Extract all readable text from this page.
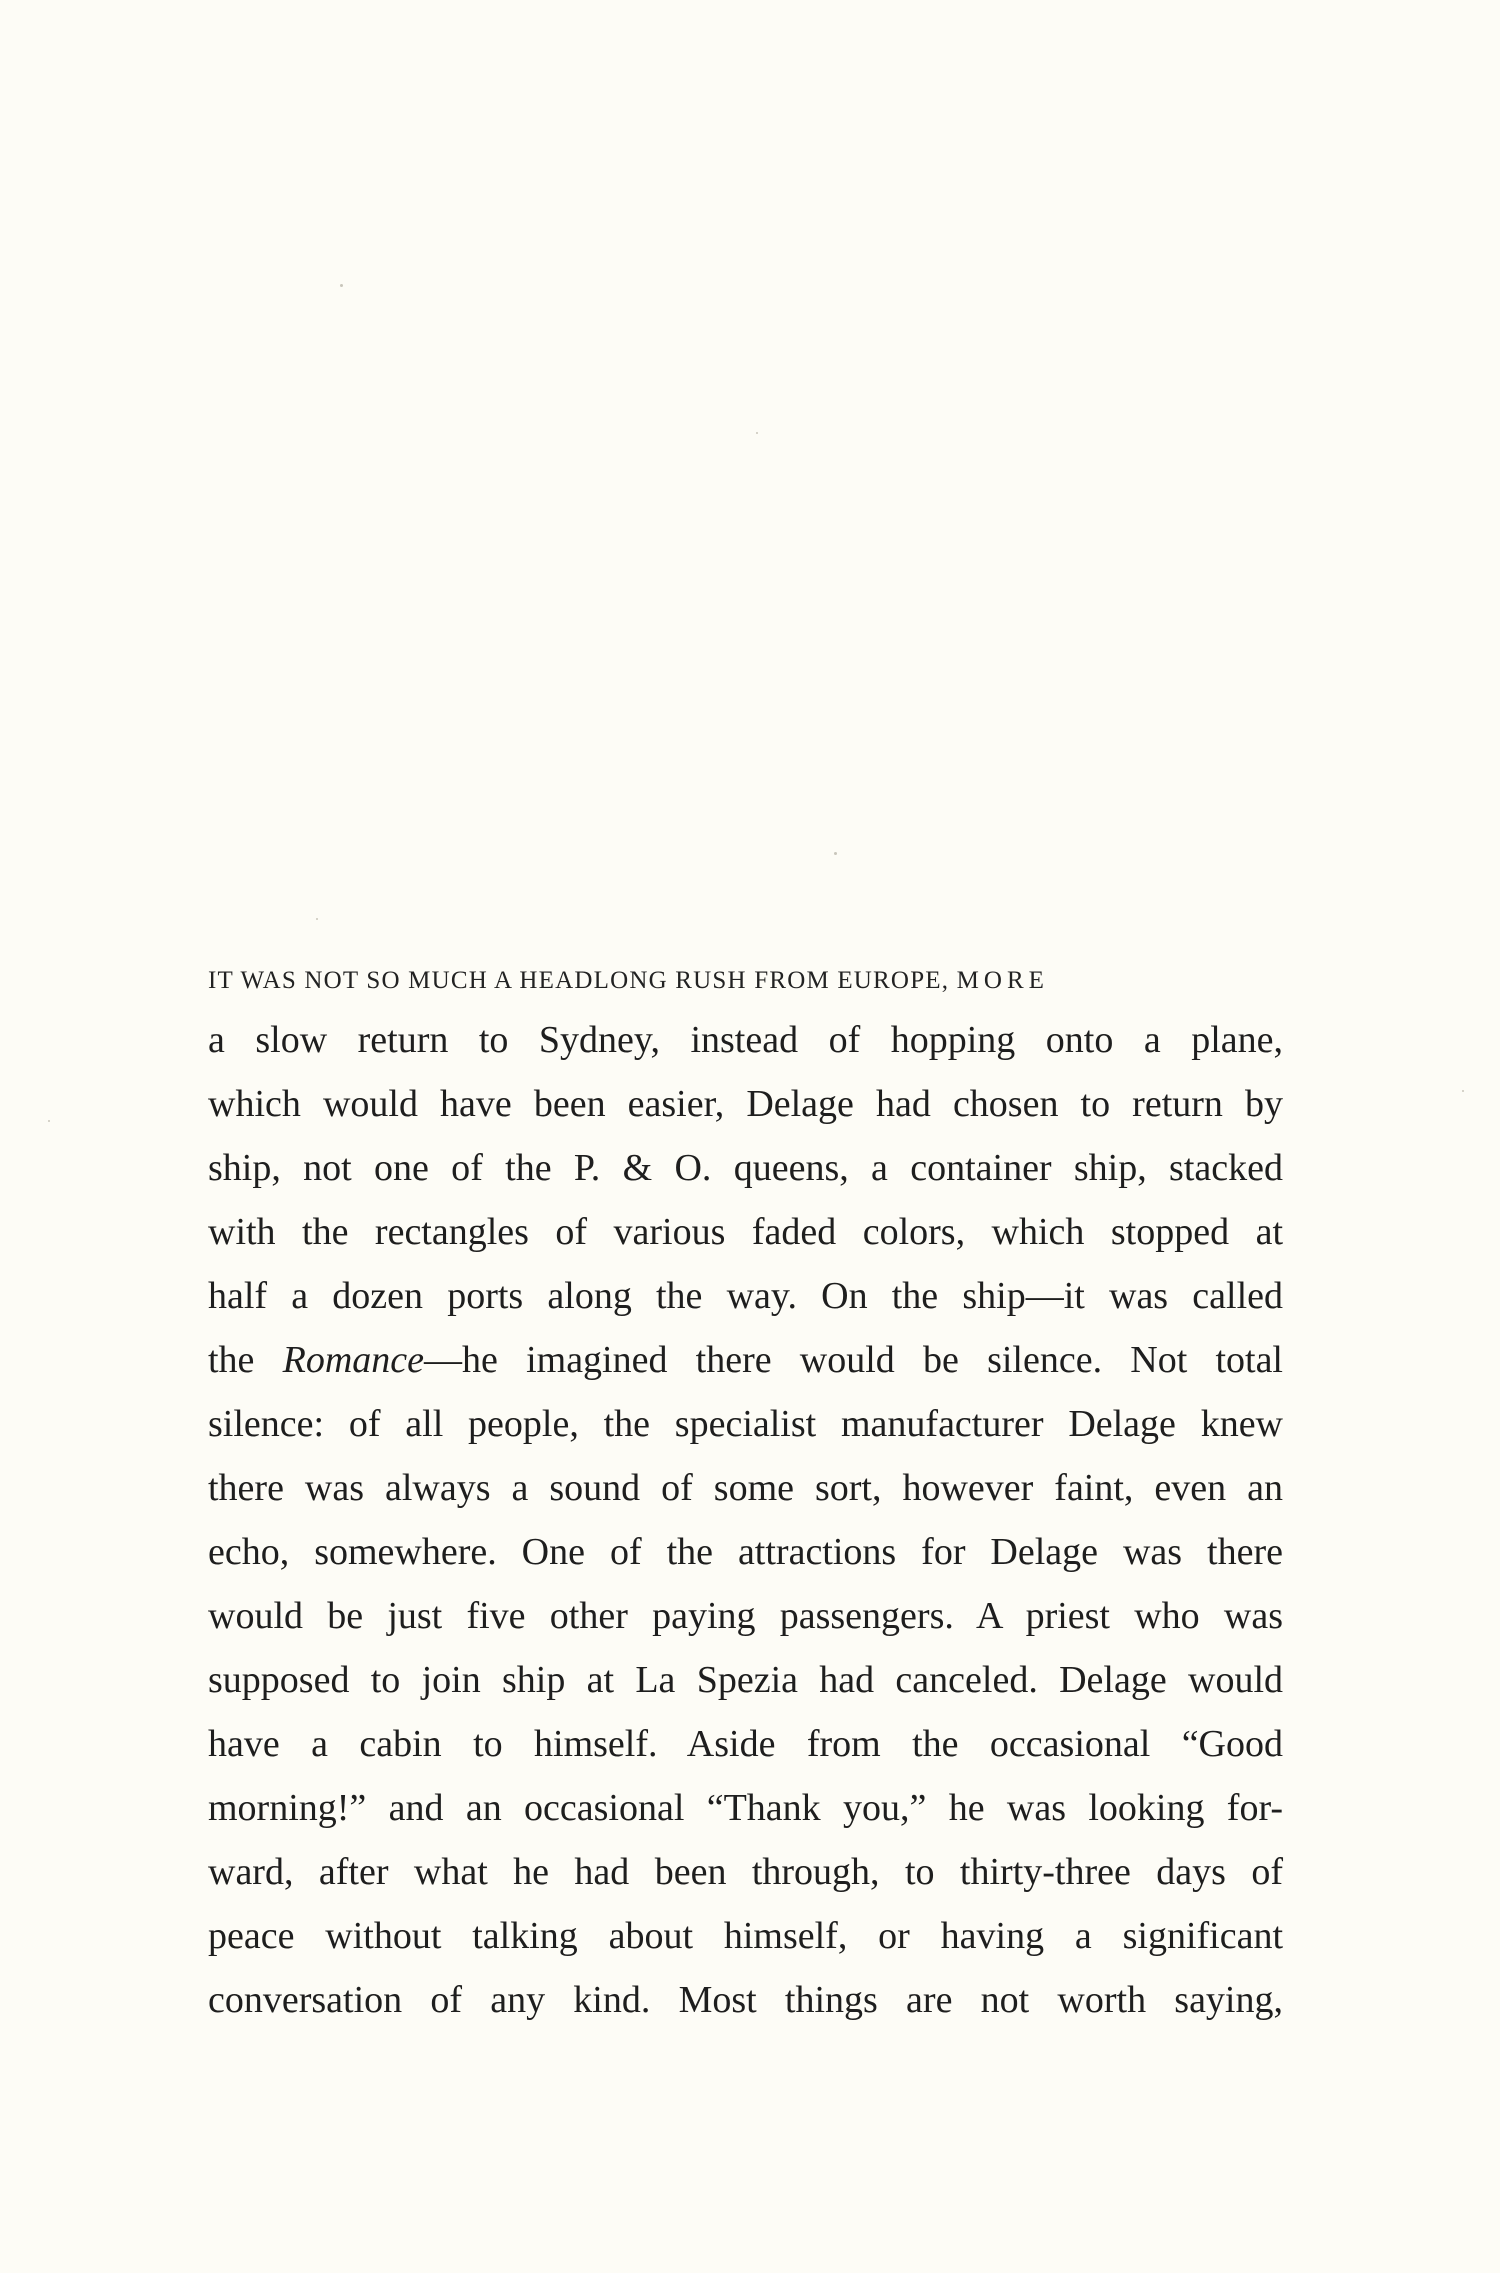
IT WAS NOT SO MUCH A HEADLONG RUSH FROM EUROPE, MORE
a slow return to Sydney, instead of hopping onto a plane,
which would have been easier, Delage had chosen to return by
ship, not one of the P. & O. queens, a container ship, stacked
with the rectangles of various faded colors, which stopped at
half a dozen ports along the way. On the ship—it was called
the Romance—he imagined there would be silence. Not total
silence: of all people, the specialist manufacturer Delage knew
there was always a sound of some sort, however faint, even an
echo, somewhere. One of the attractions for Delage was there
would be just five other paying passengers. A priest who was
supposed to join ship at La Spezia had canceled. Delage would
have a cabin to himself. Aside from the occasional “Good
morning!” and an occasional “Thank you,” he was looking for-
ward, after what he had been through, to thirty-three days of
peace without talking about himself, or having a significant
conversation of any kind. Most things are not worth saying,
